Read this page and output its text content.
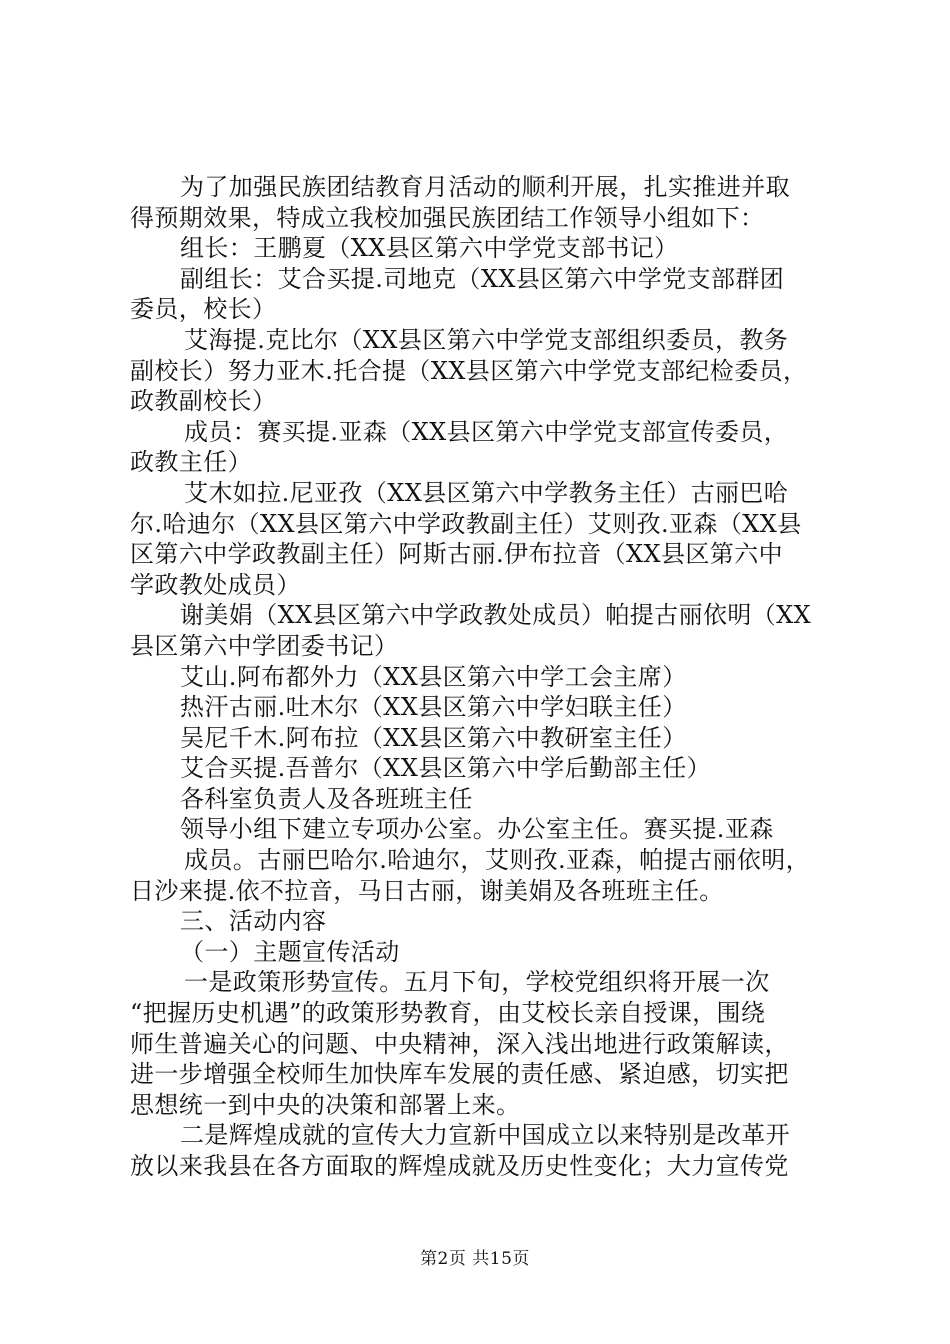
为了加强民族团结教育月活动的顺利开展，扎实推进并取

得预期效果，特成立我校加强民族团结工作领导小组如下：

组长：王鹏夏（XX县区第六中学党支部书记）

副组长：艾合买提.司地克（XX县区第六中学党支部群团

委员，校长）

艾海提.克比尔（XX县区第六中学党支部组织委员，教务

副校长）努力亚木.托合提（XX县区第六中学党支部纪检委员，

政教副校长）

成员：赛买提.亚森（XX县区第六中学党支部宣传委员，

政教主任）

艾木如拉.尼亚孜（XX县区第六中学教务主任）古丽巴哈

尔.哈迪尔（XX县区第六中学政教副主任）艾则孜.亚森（XX县

区第六中学政教副主任）阿斯古丽.伊布拉音（XX县区第六中

学政教处成员）

谢美娟（XX县区第六中学政教处成员）帕提古丽依明（XX

县区第六中学团委书记）

艾山.阿布都外力（XX县区第六中学工会主席）

热汗古丽.吐木尔（XX县区第六中学妇联主任）

吴尼千木.阿布拉（XX县区第六中教研室主任）

艾合买提.吾普尔（XX县区第六中学后勤部主任）

各科室负责人及各班班主任

领导小组下建立专项办公室。办公室主任。赛买提.亚森

成员。古丽巴哈尔.哈迪尔，艾则孜.亚森，帕提古丽依明，

日沙来提.依不拉音，马日古丽，谢美娟及各班班主任。

三、活动内容

（一）主题宣传活动

一是政策形势宣传。五月下旬，学校党组织将开展一次

“把握历史机遇”的政策形势教育，由艾校长亲自授课，围绕

师生普遍关心的问题、中央精神，深入浅出地进行政策解读，

进一步增强全校师生加快库车发展的责任感、紧迫感，切实把

思想统一到中央的决策和部署上来。

二是辉煌成就的宣传大力宣新中国成立以来特别是改革开

放以来我县在各方面取的辉煌成就及历史性变化；大力宣传党

第2页 共15页
